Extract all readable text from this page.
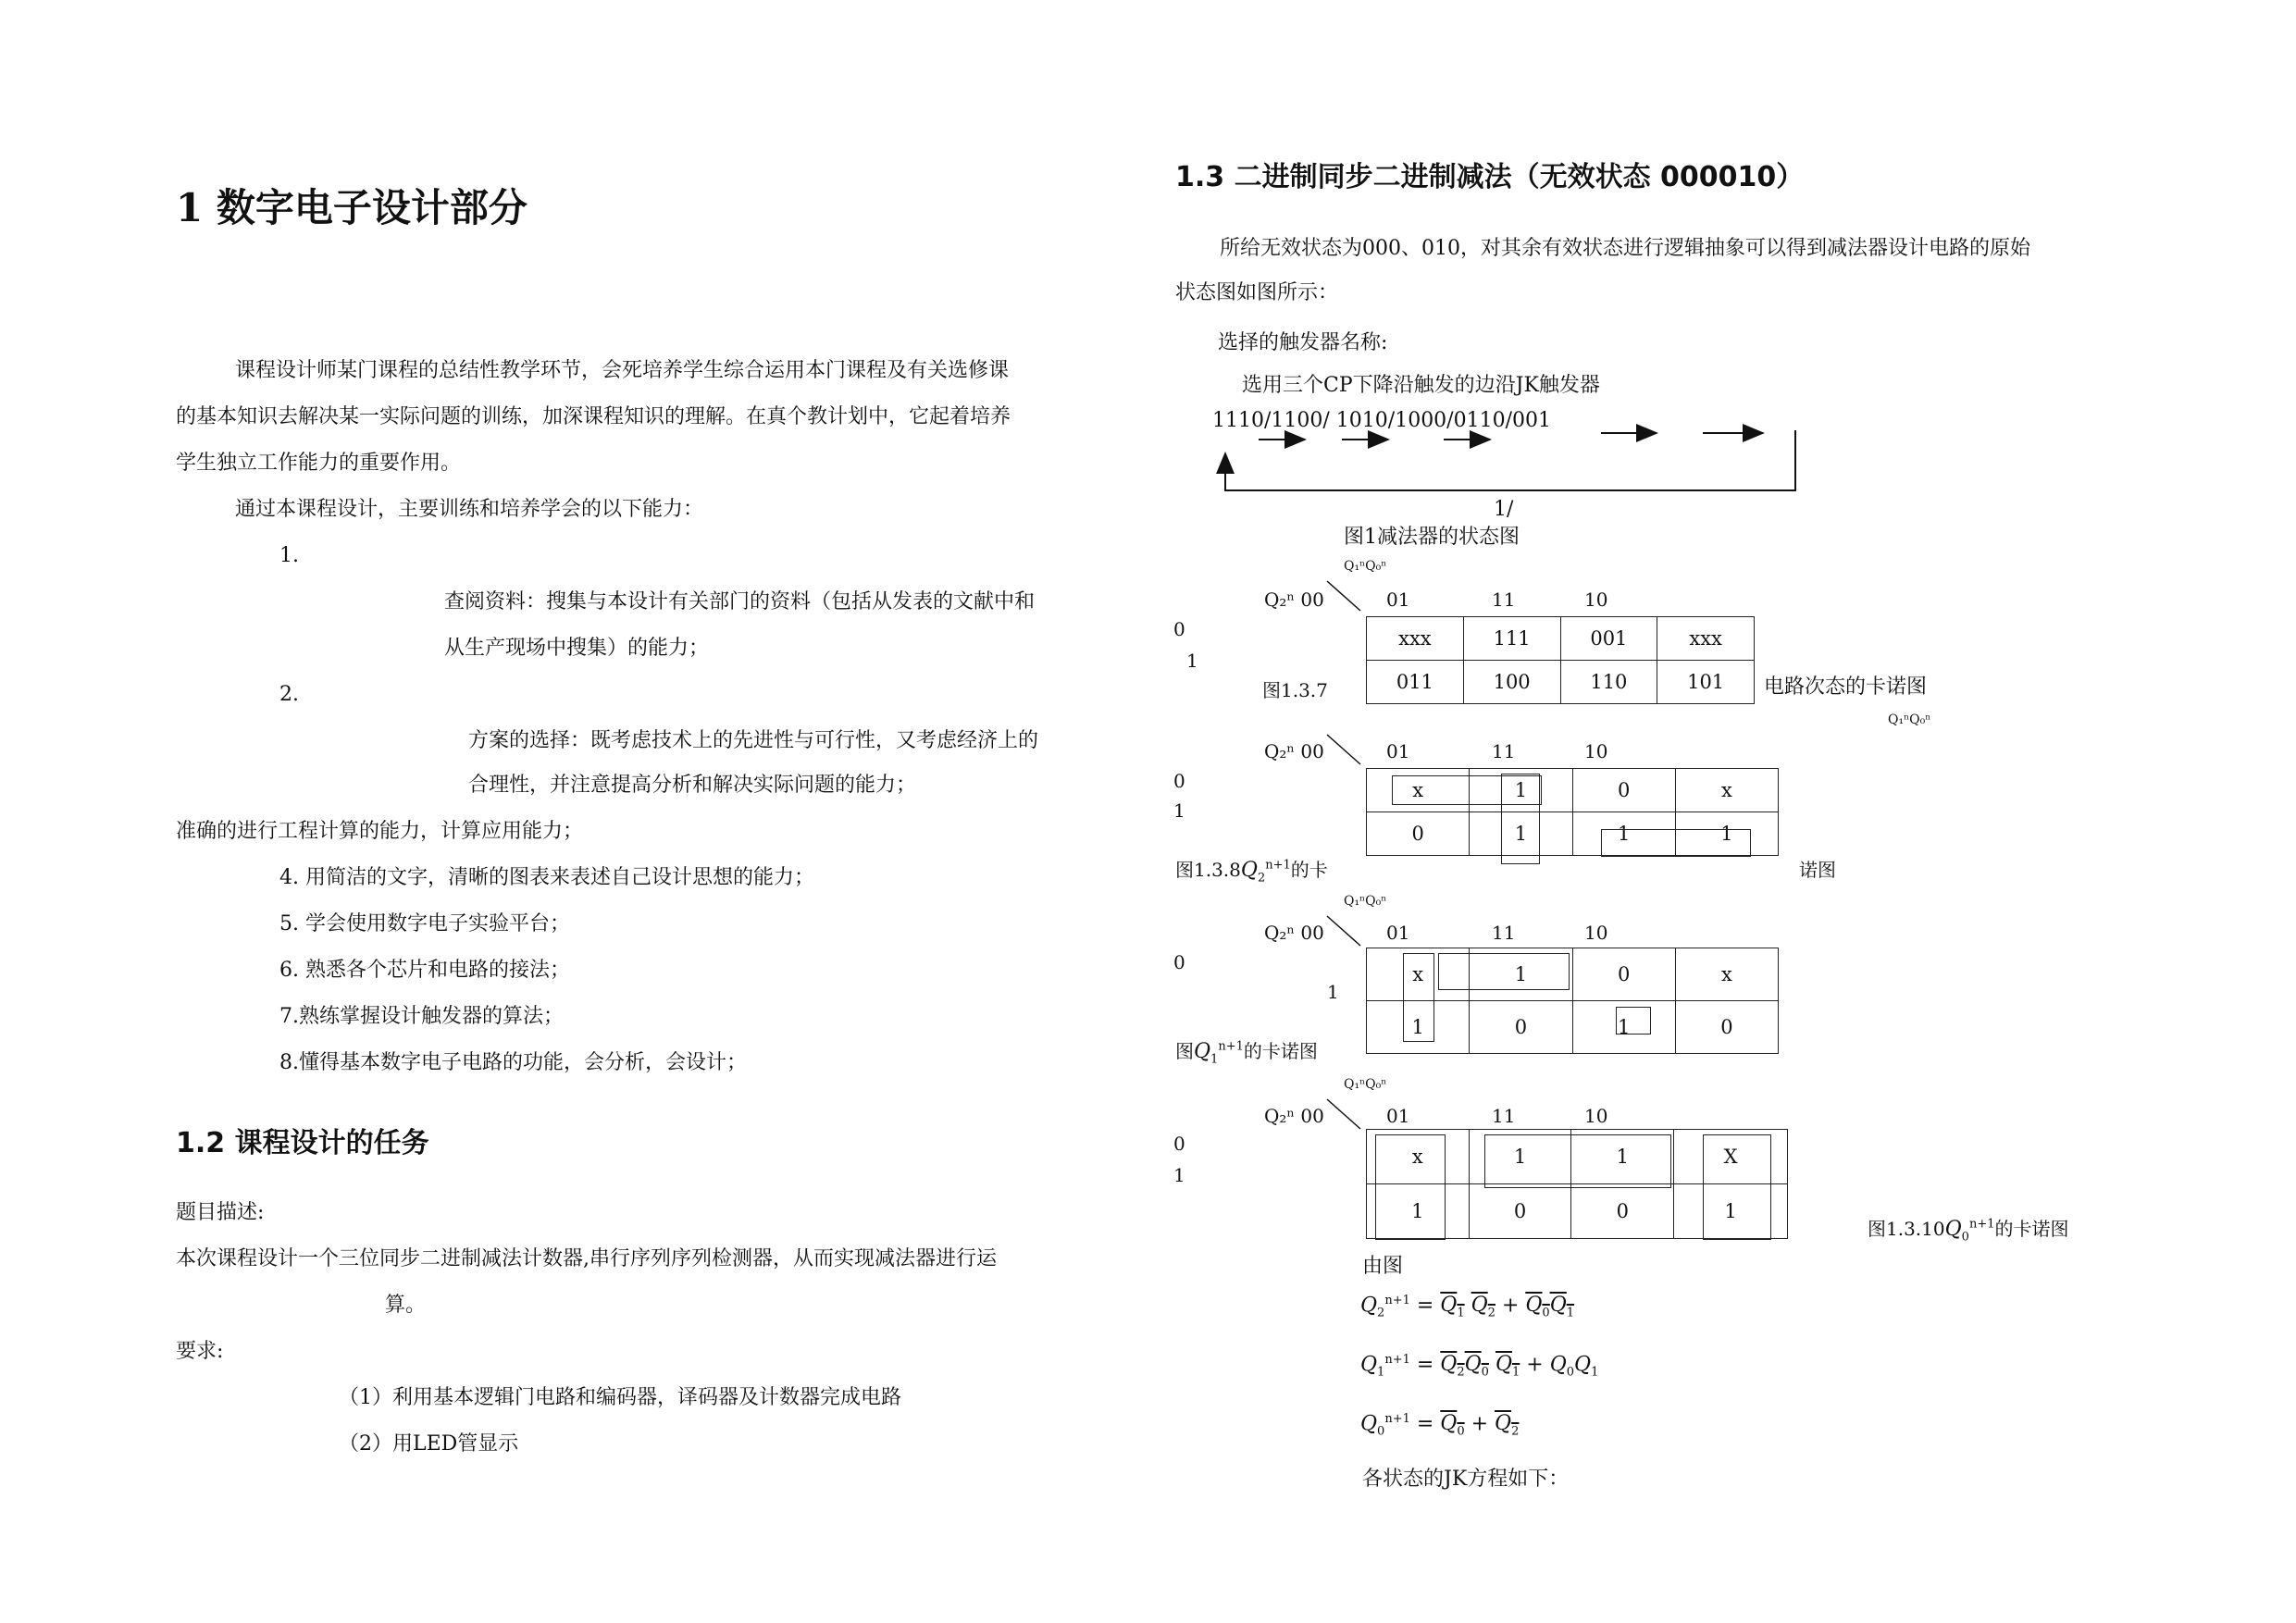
1 数字电子设计部分
课程设计师某门课程的总结性教学环节，会死培养学生综合运用本门课程及有关选修课
的基本知识去解决某一实际问题的训练，加深课程知识的理解。在真个教计划中，它起着培养
学生独立工作能力的重要作用。
通过本课程设计，主要训练和培养学会的以下能力：
1.
查阅资料：搜集与本设计有关部门的资料（包括从发表的文献中和
从生产现场中搜集）的能力；
2.
方案的选择：既考虑技术上的先进性与可行性，又考虑经济上的
合理性，并注意提高分析和解决实际问题的能力；
准确的进行工程计算的能力，计算应用能力；
4. 用简洁的文字，清晰的图表来表述自己设计思想的能力；
5. 学会使用数字电子实验平台；
6. 熟悉各个芯片和电路的接法；
7.熟练掌握设计触发器的算法；
8.懂得基本数字电子电路的功能，会分析，会设计；
1.2 课程设计的任务
题目描述:
本次课程设计一个三位同步二进制减法计数器,串行序列序列检测器，从而实现减法器进行运
算。
要求:
（1）利用基本逻辑门电路和编码器，译码器及计数器完成电路
（2）用LED管显示
1.3 二进制同步二进制减法（无效状态 000010）
所给无效状态为000、010，对其余有效状态进行逻辑抽象可以得到减法器设计电路的原始
状态图如图所示：
选择的触发器名称:
选用三个CP下降沿触发的边沿JK触发器
1110/1100/ 1010/1000/0110/001
1/
图1减法器的状态图
Q₁ⁿQ₀ⁿ
Q₂ⁿ 00	01	11	10
0
1
xxx	111	001	xxx
011	100	110	101
图1.3.7	电路次态的卡诺图
Q₁ⁿQ₀ⁿ
Q₂ⁿ 00	01	11	10
0
1
x	1	0	x
0	1	1	1
图$1.3.8Q_2^{n+1}$的卡	诺图
Q₁ⁿQ₀ⁿ
Q₂ⁿ 00	01	11	10
0
1
x	1	0	x
1	0	1	0
图$Q_1^{n+1}$的卡诺图
Q₁ⁿQ₀ⁿ
Q₂ⁿ 00	01	11	10
0
1
x	1	1	X
1	0	0	1
图$1.3.10Q_0^{n+1}$的卡诺图
由图
$Q_2^{n+1} = Q_1$ $Q_2 + Q_0Q_1$
$Q_1^{n+1} = Q_2Q_0$ $Q_1 + Q_0Q_1$
$Q_0^{n+1} = Q_0 + Q_2$
各状态的JK方程如下：
